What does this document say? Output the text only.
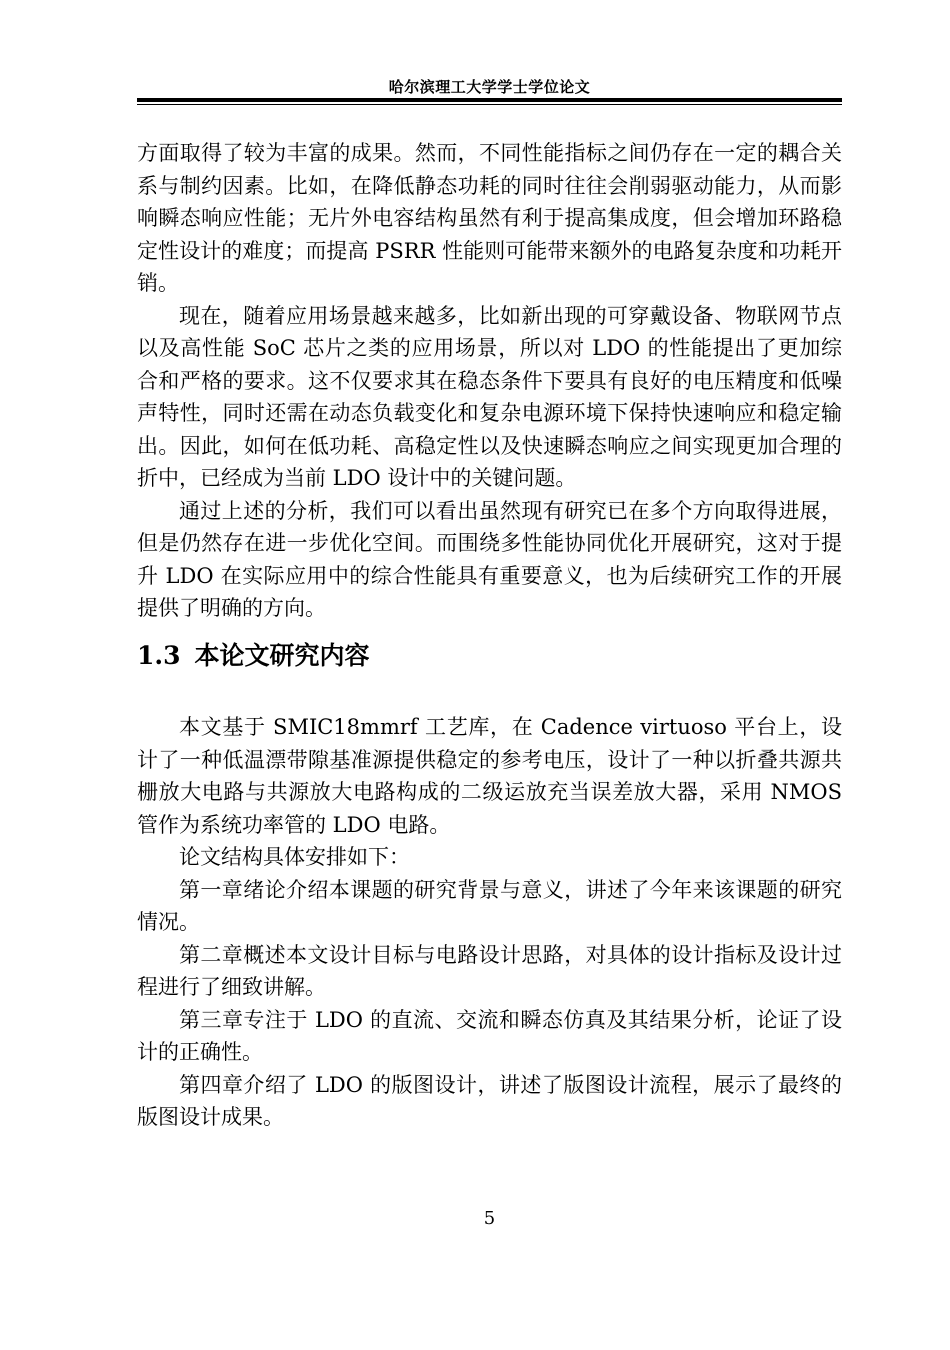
哈尔滨理工大学学士学位论文

方面取得了较为丰富的成果。然而，不同性能指标之间仍存在一定的耦合关系与制约因素。比如，在降低静态功耗的同时往往会削弱驱动能力，从而影响瞬态响应性能；无片外电容结构虽然有利于提高集成度，但会增加环路稳定性设计的难度；而提高 PSRR 性能则可能带来额外的电路复杂度和功耗开销。

现在，随着应用场景越来越多，比如新出现的可穿戴设备、物联网节点以及高性能 SoC 芯片之类的应用场景，所以对 LDO 的性能提出了更加综合和严格的要求。这不仅要求其在稳态条件下要具有良好的电压精度和低噪声特性，同时还需在动态负载变化和复杂电源环境下保持快速响应和稳定输出。因此，如何在低功耗、高稳定性以及快速瞬态响应之间实现更加合理的折中，已经成为当前 LDO 设计中的关键问题。

通过上述的分析，我们可以看出虽然现有研究已在多个方向取得进展，但是仍然存在进一步优化空间。而围绕多性能协同优化开展研究，这对于提升 LDO 在实际应用中的综合性能具有重要意义，也为后续研究工作的开展提供了明确的方向。

1.3 本论文研究内容

本文基于 SMIC18mmrf 工艺库，在 Cadence virtuoso 平台上，设计了一种低温漂带隙基准源提供稳定的参考电压，设计了一种以折叠共源共栅放大电路与共源放大电路构成的二级运放充当误差放大器，采用 NMOS 管作为系统功率管的 LDO 电路。

论文结构具体安排如下：

第一章绪论介绍本课题的研究背景与意义，讲述了今年来该课题的研究情况。

第二章概述本文设计目标与电路设计思路，对具体的设计指标及设计过程进行了细致讲解。

第三章专注于 LDO 的直流、交流和瞬态仿真及其结果分析，论证了设计的正确性。

第四章介绍了 LDO 的版图设计，讲述了版图设计流程，展示了最终的版图设计成果。

5
